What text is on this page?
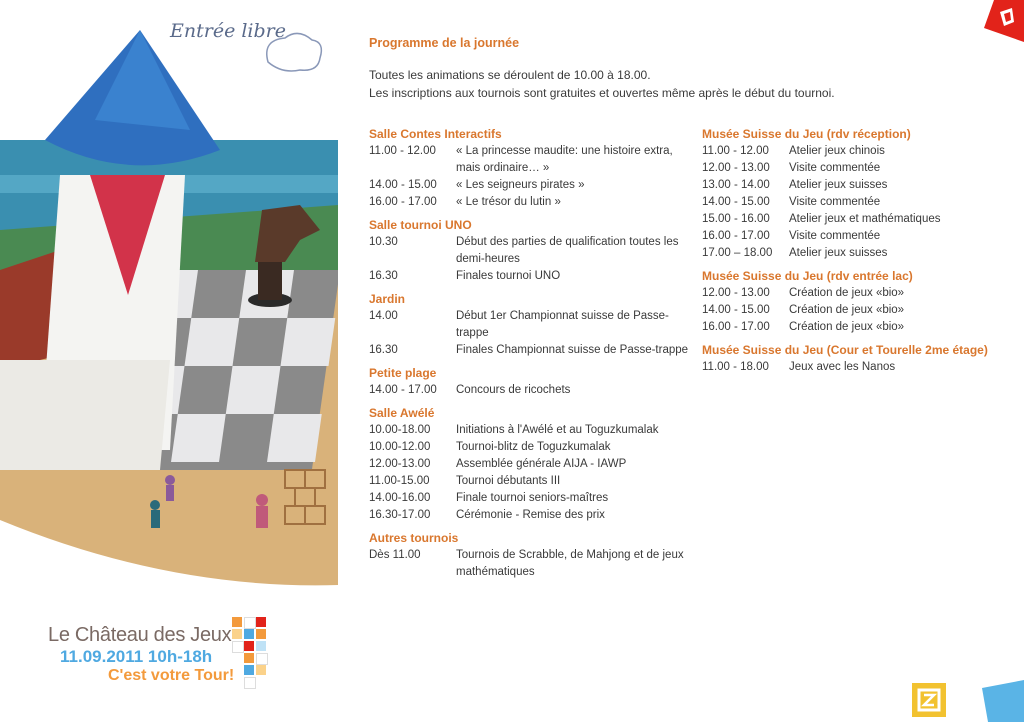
Entrée libre
Le Château des Jeux
11.09.2011 10h-18h
C'est votre Tour!
Programme de la journée
Toutes les animations se déroulent de 10.00 à 18.00.
Les inscriptions aux tournois sont gratuites et ouvertes même après le début du tournoi.
Salle Contes Interactifs
11.00 - 12.00	« La princesse maudite: une histoire extra, mais ordinaire… »
14.00 - 15.00	« Les seigneurs pirates »
16.00 - 17.00	« Le trésor du lutin »
Salle tournoi UNO
10.30	Début des parties de qualification toutes les demi-heures
16.30	Finales tournoi UNO
Jardin
14.00	Début 1er Championnat suisse de Passe-trappe
16.30	Finales Championnat suisse de Passe-trappe
Petite plage
14.00 - 17.00	Concours de ricochets
Salle Awélé
10.00-18.00	Initiations à l'Awélé et au Toguzkumalak
10.00-12.00	Tournoi-blitz de Toguzkumalak
12.00-13.00	Assemblée générale AIJA - IAWP
11.00-15.00	Tournoi débutants III
14.00-16.00	Finale tournoi seniors-maîtres
16.30-17.00	Cérémonie - Remise des prix
Autres tournois
Dès 11.00	Tournois de Scrabble, de Mahjong et de jeux mathématiques
Musée Suisse du Jeu (rdv réception)
11.00 - 12.00	Atelier jeux chinois
12.00 - 13.00	Visite commentée
13.00 - 14.00	Atelier jeux suisses
14.00 - 15.00	Visite commentée
15.00 - 16.00	Atelier jeux et mathématiques
16.00 - 17.00	Visite commentée
17.00 – 18.00	Atelier jeux suisses
Musée Suisse du Jeu (rdv entrée lac)
12.00 - 13.00	Création de jeux «bio»
14.00 - 15.00	Création de jeux «bio»
16.00 - 17.00	Création de jeux «bio»
Musée Suisse du Jeu (Cour et Tourelle 2me étage)
11.00 - 18.00	Jeux avec les Nanos
